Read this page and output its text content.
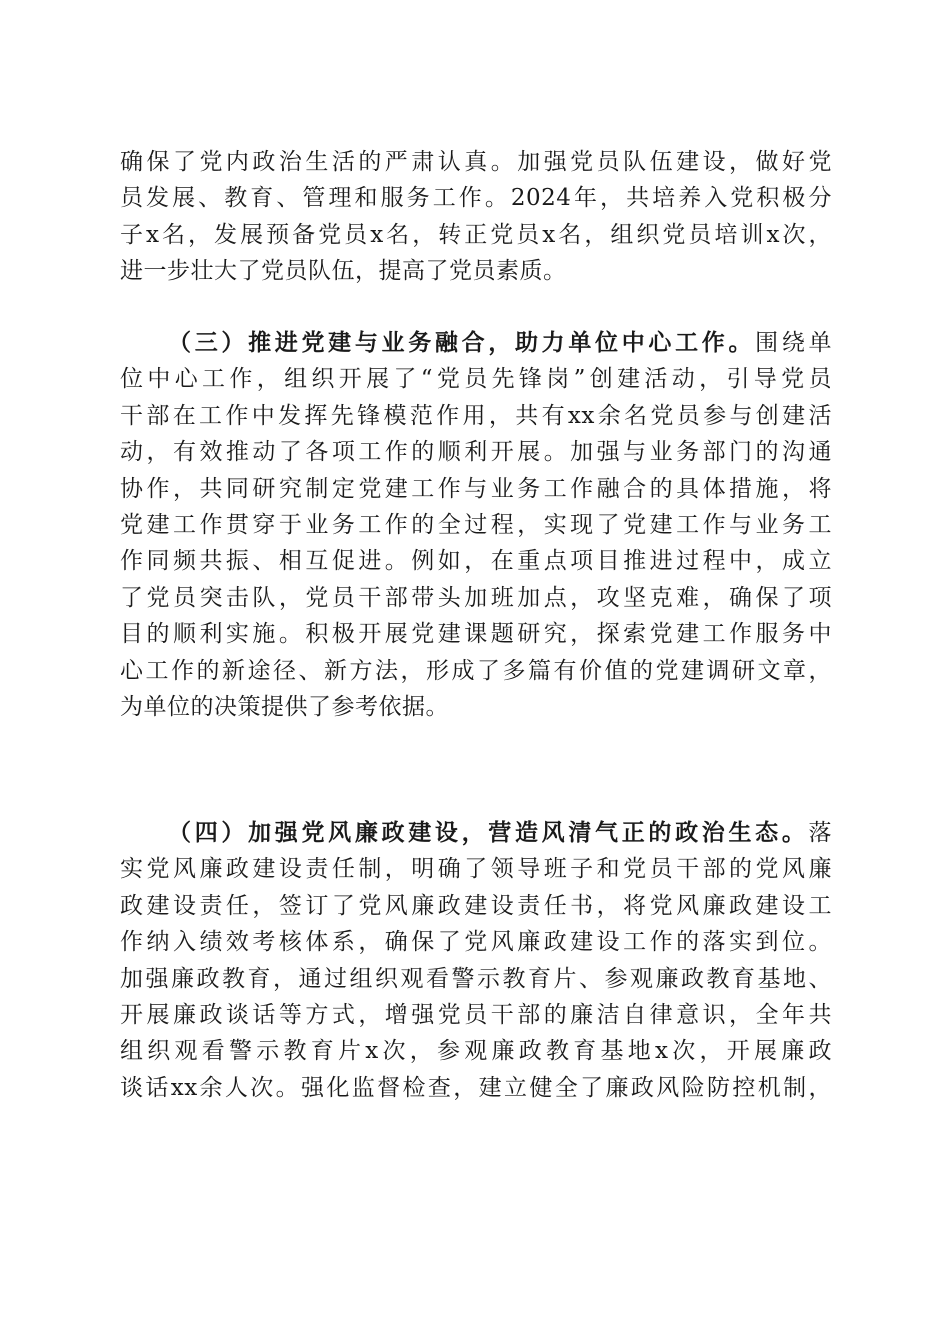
确保了党内政治生活的严肃认真。加强党员队伍建设，做好党
员发展、教育、管理和服务工作。2024年，共培养入党积极分
子x名，发展预备党员x名，转正党员x名，组织党员培训x次，
进一步壮大了党员队伍，提高了党员素质。
（三）推进党建与业务融合，助力单位中心工作。围绕单
位中心工作，组织开展了“党员先锋岗”创建活动，引导党员
干部在工作中发挥先锋模范作用，共有xx余名党员参与创建活
动，有效推动了各项工作的顺利开展。加强与业务部门的沟通
协作，共同研究制定党建工作与业务工作融合的具体措施，将
党建工作贯穿于业务工作的全过程，实现了党建工作与业务工
作同频共振、相互促进。例如，在重点项目推进过程中，成立
了党员突击队，党员干部带头加班加点，攻坚克难，确保了项
目的顺利实施。积极开展党建课题研究，探索党建工作服务中
心工作的新途径、新方法，形成了多篇有价值的党建调研文章，
为单位的决策提供了参考依据。
（四）加强党风廉政建设，营造风清气正的政治生态。落
实党风廉政建设责任制，明确了领导班子和党员干部的党风廉
政建设责任，签订了党风廉政建设责任书，将党风廉政建设工
作纳入绩效考核体系，确保了党风廉政建设工作的落实到位。
加强廉政教育，通过组织观看警示教育片、参观廉政教育基地、
开展廉政谈话等方式，增强党员干部的廉洁自律意识，全年共
组织观看警示教育片x次，参观廉政教育基地x次，开展廉政
谈话xx余人次。强化监督检查，建立健全了廉政风险防控机制，
